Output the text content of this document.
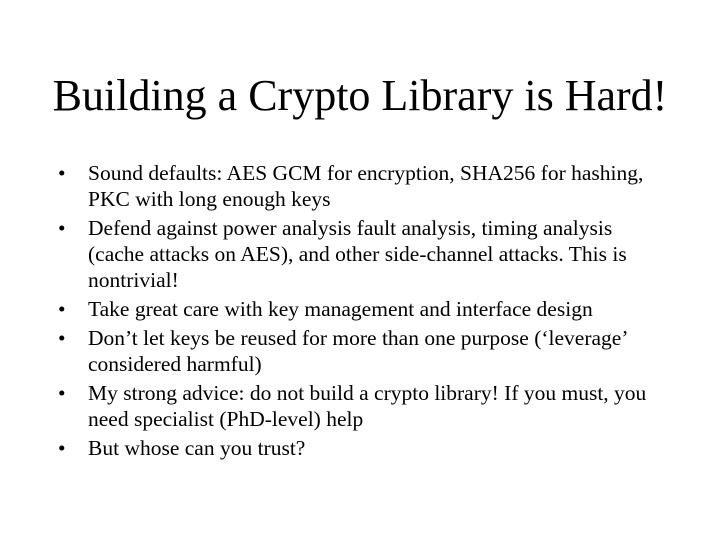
Building a Crypto Library is Hard!
•	Sound defaults: AES GCM for encryption, SHA256 for hashing, PKC with long enough keys
•	Defend against power analysis fault analysis, timing analysis (cache attacks on AES), and other side-channel attacks. This is nontrivial!
•	Take great care with key management and interface design
•	Don’t let keys be reused for more than one purpose (‘leverage’ considered harmful)
•	My strong advice: do not build a crypto library! If you must, you need specialist (PhD-level) help
•	But whose can you trust?
